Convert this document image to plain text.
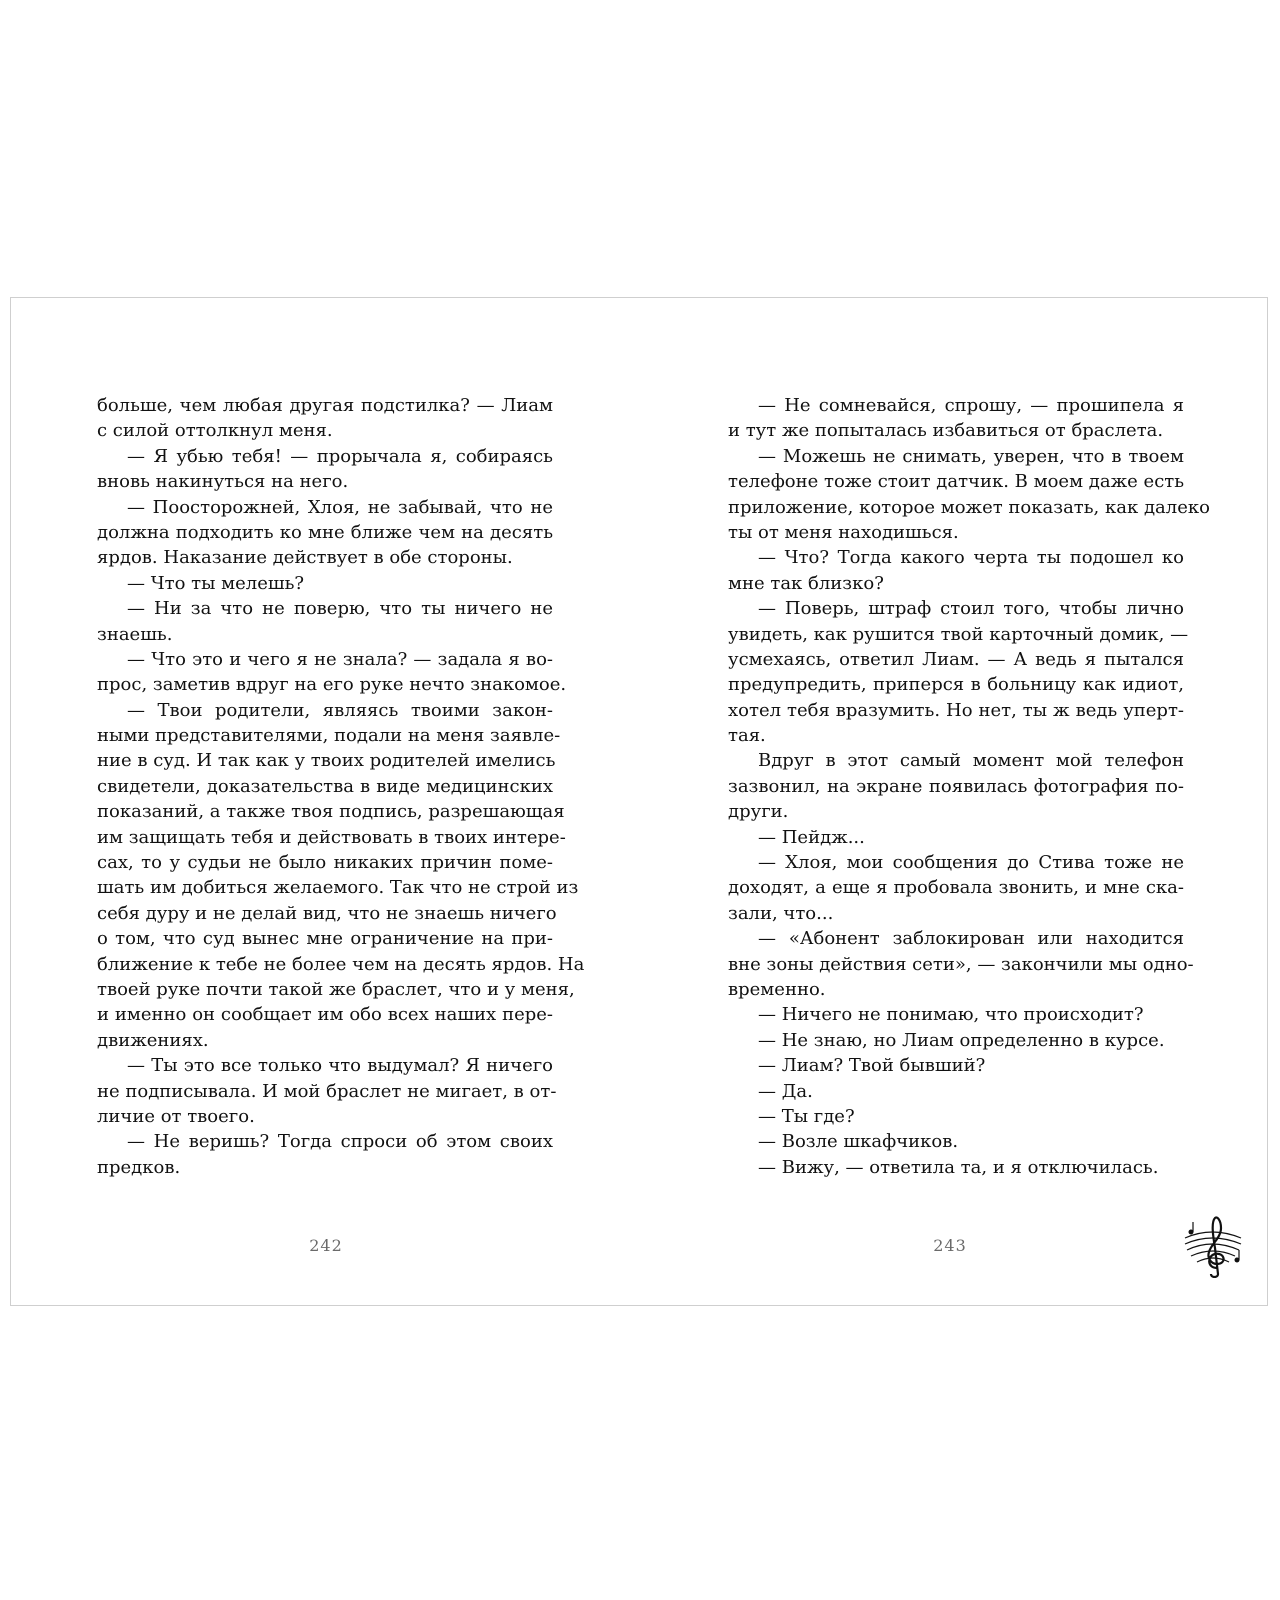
больше, чем любая другая подстилка? — Лиам
с силой оттолкнул меня.
— Я убью тебя! — прорычала я, собираясь
вновь накинуться на него.
— Поосторожней, Хлоя, не забывай, что не
должна подходить ко мне ближе чем на десять
ярдов. Наказание действует в обе стороны.
— Что ты мелешь?
— Ни за что не поверю, что ты ничего не
знаешь.
— Что это и чего я не знала? — задала я во-
прос, заметив вдруг на его руке нечто знакомое.
— Твои родители, являясь твоими закон-
ными представителями, подали на меня заявле-
ние в суд. И так как у твоих родителей имелись
свидетели, доказательства в виде медицинских
показаний, а также твоя подпись, разрешающая
им защищать тебя и действовать в твоих интере-
сах, то у судьи не было никаких причин поме-
шать им добиться желаемого. Так что не строй из
себя дуру и не делай вид, что не знаешь ничего
о том, что суд вынес мне ограничение на при-
ближение к тебе не более чем на десять ярдов. На
твоей руке почти такой же браслет, что и у меня,
и именно он сообщает им обо всех наших пере-
движениях.
— Ты это все только что выдумал? Я ничего
не подписывала. И мой браслет не мигает, в от-
личие от твоего.
— Не веришь? Тогда спроси об этом своих
предков.
242
— Не сомневайся, спрошу, — прошипела я
и тут же попыталась избавиться от браслета.
— Можешь не снимать, уверен, что в твоем
телефоне тоже стоит датчик. В моем даже есть
приложение, которое может показать, как далеко
ты от меня находишься.
— Что? Тогда какого черта ты подошел ко
мне так близко?
— Поверь, штраф стоил того, чтобы лично
увидеть, как рушится твой карточный домик, —
усмехаясь, ответил Лиам. — А ведь я пытался
предупредить, приперся в больницу как идиот,
хотел тебя вразумить. Но нет, ты ж ведь уперт-
тая.
Вдруг в этот самый момент мой телефон
зазвонил, на экране появилась фотография по-
други.
— Пейдж...
— Хлоя, мои сообщения до Стива тоже не
доходят, а еще я пробовала звонить, и мне ска-
зали, что...
— «Абонент заблокирован или находится
вне зоны действия сети», — закончили мы одно-
временно.
— Ничего не понимаю, что происходит?
— Не знаю, но Лиам определенно в курсе.
— Лиам? Твой бывший?
— Да.
— Ты где?
— Возле шкафчиков.
— Вижу, — ответила та, и я отключилась.
243
